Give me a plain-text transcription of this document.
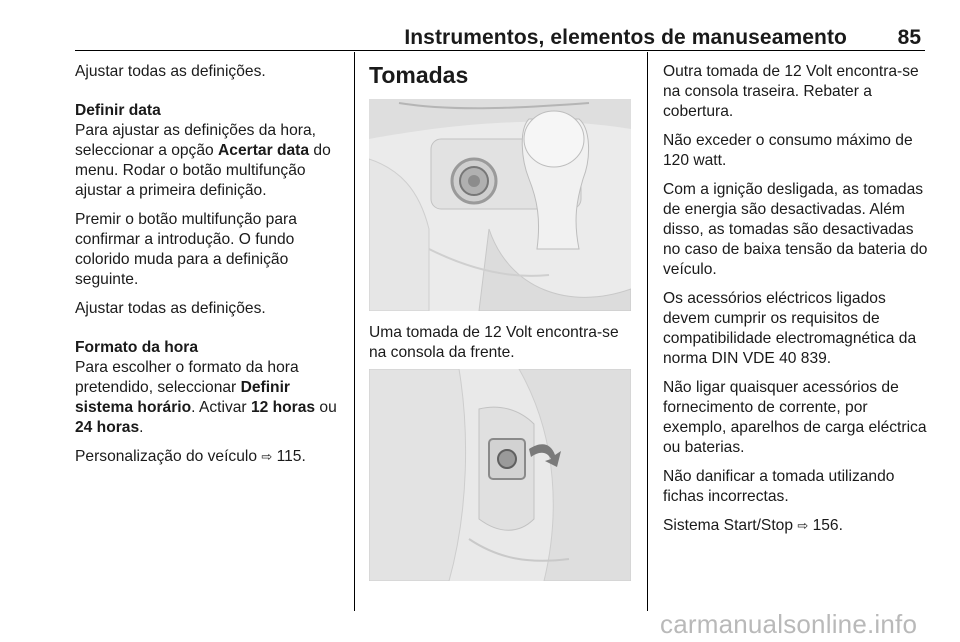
Instrumentos, elementos de manuseamento 85

Ajustar todas as definições.

Definir data

Para ajustar as definições da hora, seleccionar a opção Acertar data do menu. Rodar o botão multifunção ajustar a primeira definição.

Premir o botão multifunção para confirmar a introdução. O fundo colorido muda para a definição seguinte.

Ajustar todas as definições.

Formato da hora

Para escolher o formato da hora pretendido, seleccionar Definir sistema horário. Activar 12 horas ou 24 horas.

Personalização do veículo ⇨ 115.

Tomadas

Uma tomada de 12 Volt encontra-se na consola da frente.

Outra tomada de 12 Volt encontra-se na consola traseira. Rebater a cobertura.

Não exceder o consumo máximo de 120 watt.

Com a ignição desligada, as tomadas de energia são desactivadas. Além disso, as tomadas são desactivadas no caso de baixa tensão da bateria do veículo.

Os acessórios eléctricos ligados devem cumprir os requisitos de compatibilidade electromagnética da norma DIN VDE 40 839.

Não ligar quaisquer acessórios de fornecimento de corrente, por exemplo, aparelhos de carga eléctrica ou baterias.

Não danificar a tomada utilizando fichas incorrectas.

Sistema Start/Stop ⇨ 156.

carmanualsonline.info
